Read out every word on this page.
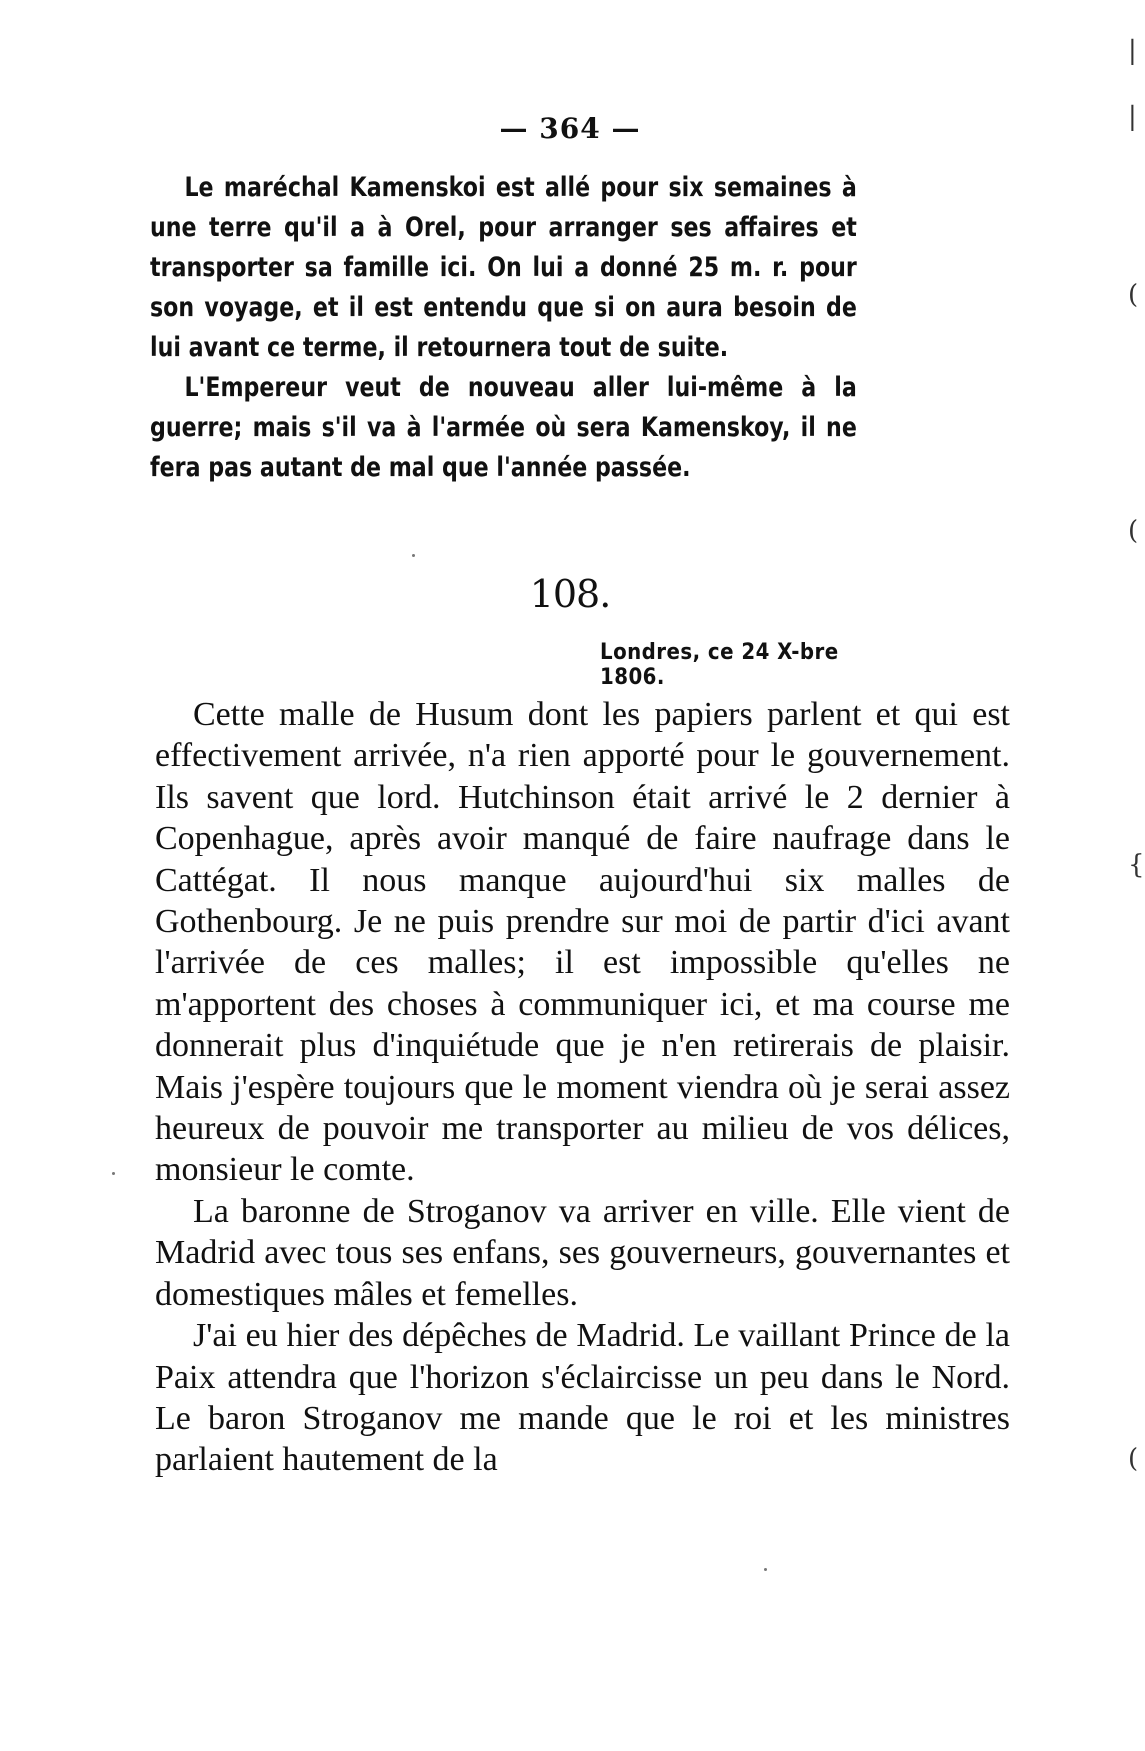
— 364 —

Le maréchal Kamenskoi est allé pour six semaines à une terre qu'il a à Orel, pour arranger ses affaires et transporter sa famille ici. On lui a donné 25 m. r. pour son voyage, et il est entendu que si on aura besoin de lui avant ce terme, il retournera tout de suite.

L'Empereur veut de nouveau aller lui-même à la guerre; mais s'il va à l'armée où sera Kamenskoy, il ne fera pas autant de mal que l'année passée.

108.
Londres, ce 24 X-bre 1806.

Cette malle de Husum dont les papiers parlent et qui est effectivement arrivée, n'a rien apporté pour le gouvernement. Ils savent que lord. Hutchinson était arrivé le 2 dernier à Copenhague, après avoir manqué de faire naufrage dans le Cattégat. Il nous manque aujourd'hui six malles de Gothenbourg. Je ne puis prendre sur moi de partir d'ici avant l'arrivée de ces malles; il est impossible qu'elles ne m'apportent des choses à communiquer ici, et ma course me donnerait plus d'inquiétude que je n'en retirerais de plaisir. Mais j'espère toujours que le moment viendra où je serai assez heureux de pouvoir me transporter au milieu de vos délices, monsieur le comte.

La baronne de Stroganov va arriver en ville. Elle vient de Madrid avec tous ses enfans, ses gouverneurs, gouvernantes et domestiques mâles et femelles.

J'ai eu hier des dépêches de Madrid. Le vaillant Prince de la Paix attendra que l'horizon s'éclaircisse un peu dans le Nord. Le baron Stroganov me mande que le roi et les ministres parlaient hautement de la

|
|
(
(
{
(
